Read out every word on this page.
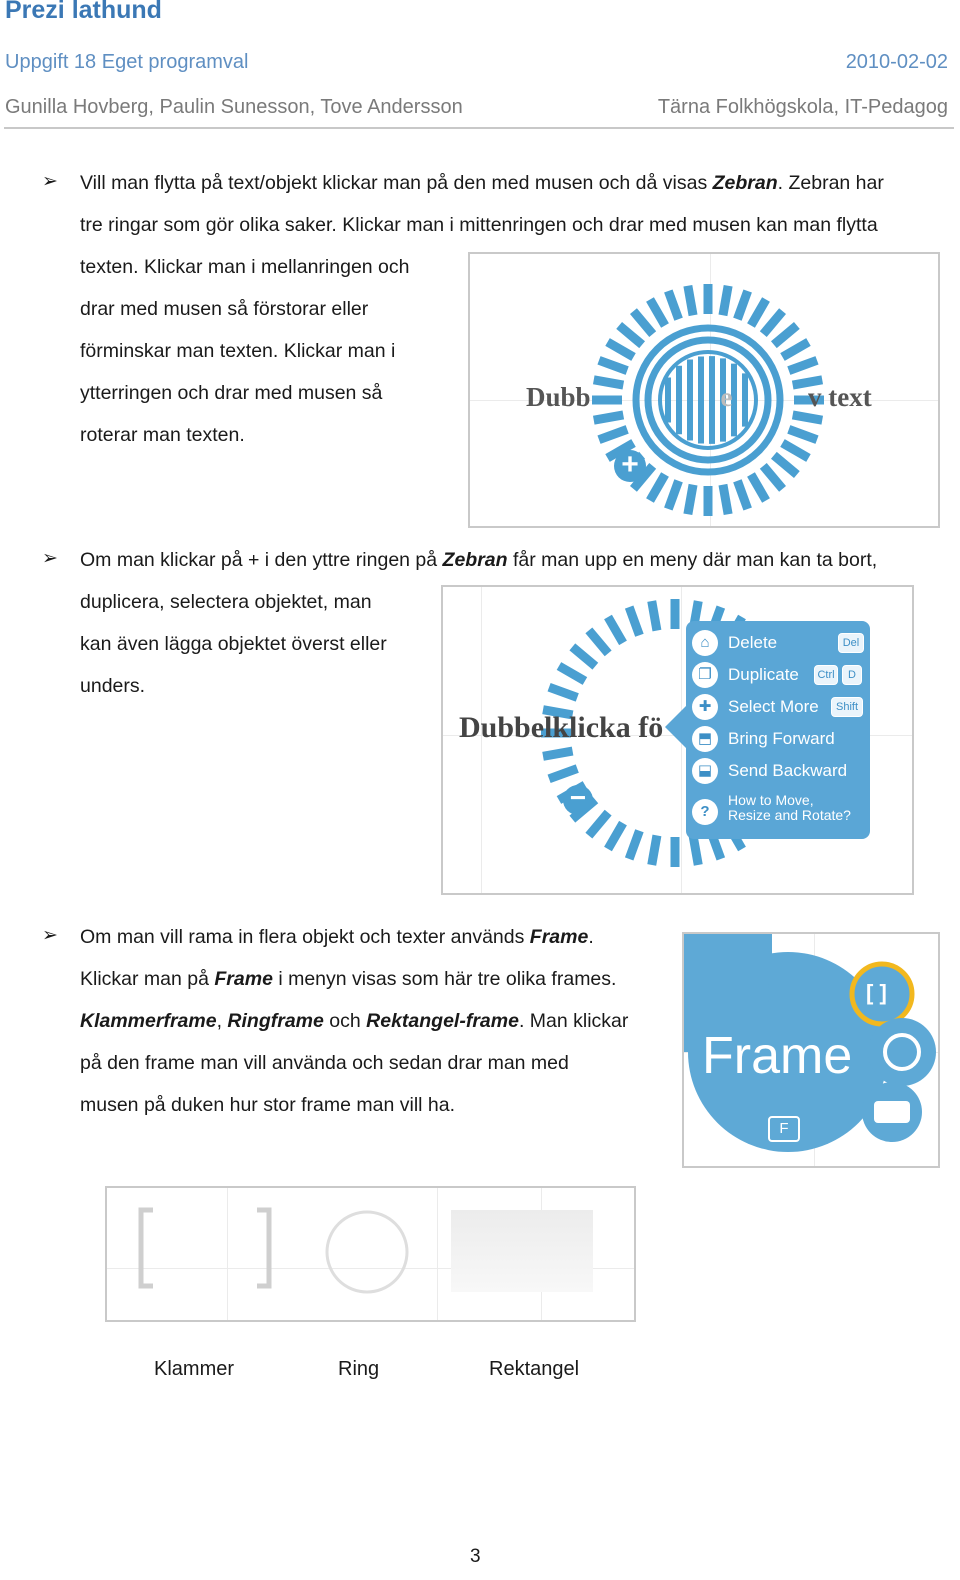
Prezi lathund
Uppgift 18 Eget programval	2010-02-02
Gunilla Hovberg, Paulin Sunesson, Tove Andersson	Tärna Folkhögskola, IT-Pedagog
➢ Vill man flytta på text/objekt klickar man på den med musen och då visas Zebran. Zebran har
tre ringar som gör olika saker. Klickar man i mittenringen och drar med musen kan man flytta
texten. Klickar man i mellanringen och
drar med musen så förstorar eller
förminskar man texten. Klickar man i
ytterringen och drar med musen så
roterar man texten.
Dubb	e	v text
+
➢ Om man klickar på + i den yttre ringen på Zebran får man upp en meny där man kan ta bort,
duplicera, selectera objektet, man
kan även lägga objektet överst eller
unders.
Dubbelklicka fö
−
⌂	Delete	Del
❐ Duplicate	Ctrl	D
✚ Select More	Shift
⬒ Bring Forward
⬓ Send Backward
?
How to Move,
Resize and Rotate?
➢ Om man vill rama in flera objekt och texter används Frame.
Klickar man på Frame i menyn visas som här tre olika frames.
Klammerframe, Ringframe och Rektangel-frame. Man klickar
på den frame man vill använda och sedan drar man med
musen på duken hur stor frame man vill ha.
[ ]
Frame
F
Klammer	Ring	Rektangel
3
